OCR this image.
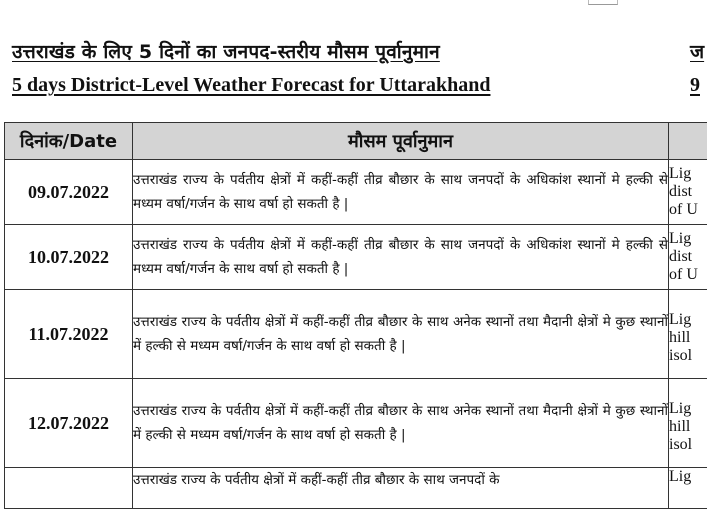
उत्तराखंड के लिए 5 दिनों का जनपद-स्तरीय मौसम पूर्वानुमान
5 days District-Level Weather Forecast for Uttarakhand
ज
9
दिनांक/Date	मौसम पूर्वानुमान	
09.07.2022	उत्तराखंड राज्य के पर्वतीय क्षेत्रों में कहीं-कहीं तीव्र बौछार के साथ जनपदों के अधिकांश स्थानों मे हल्की से मध्यम वर्षा/गर्जन के साथ वर्षा हो सकती है |	Lig
dist
of U

10.07.2022	उत्तराखंड राज्य के पर्वतीय क्षेत्रों में कहीं-कहीं तीव्र बौछार के साथ जनपदों के अधिकांश स्थानों मे हल्की से मध्यम वर्षा/गर्जन के साथ वर्षा हो सकती है |	Lig
dist
of U

11.07.2022	उत्तराखंड राज्य के पर्वतीय क्षेत्रों में कहीं-कहीं तीव्र बौछार के साथ अनेक स्थानों तथा मैदानी क्षेत्रों मे कुछ स्थानों में हल्की से मध्यम वर्षा/गर्जन के साथ वर्षा हो सकती है |	Lig
hill
isol

12.07.2022	उत्तराखंड राज्य के पर्वतीय क्षेत्रों में कहीं-कहीं तीव्र बौछार के साथ अनेक स्थानों तथा मैदानी क्षेत्रों मे कुछ स्थानों में हल्की से मध्यम वर्षा/गर्जन के साथ वर्षा हो सकती है |	Lig
hill
isol

	उत्तराखंड राज्य के पर्वतीय क्षेत्रों में कहीं-कहीं तीव्र बौछार के साथ जनपदों के	Lig
